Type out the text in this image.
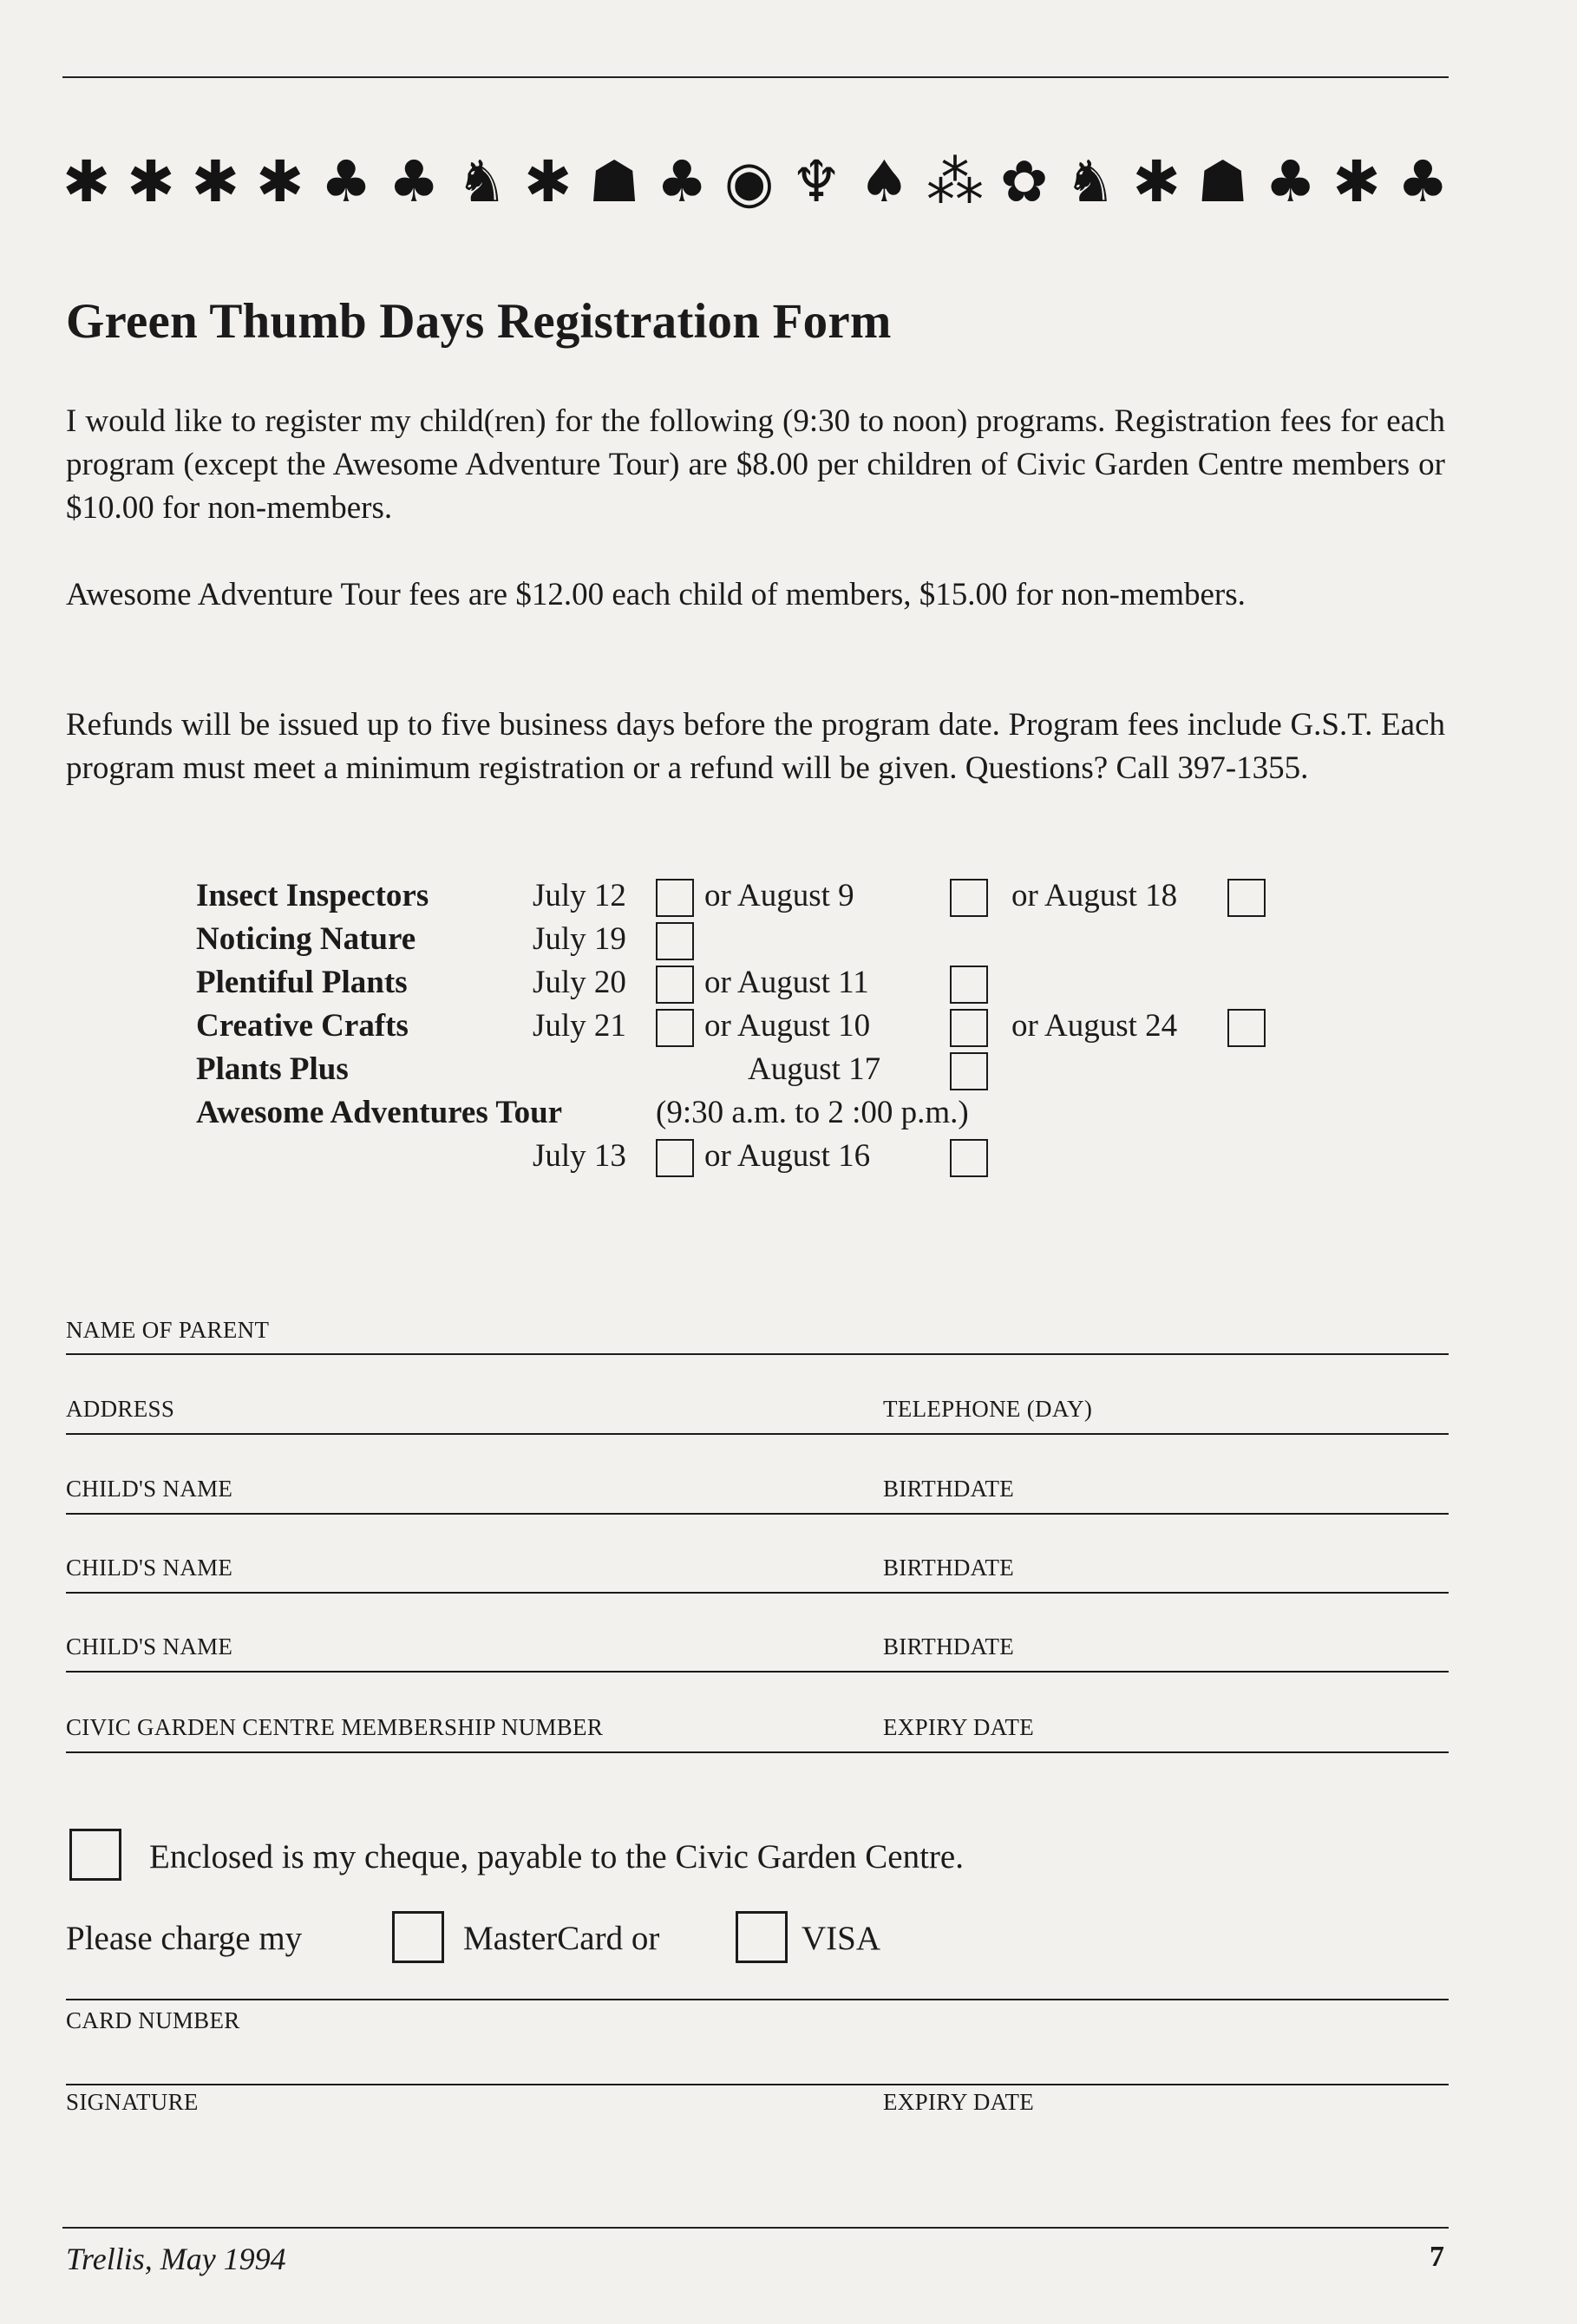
✱ ✱ ✱ ✱ ♣ ♣ ♞ ✱ ☗ ♣ ◉ ♆ ♠ ⁂ ✿ ♞ ✱ ☗ ♣ ✱ ♣
Green Thumb Days Registration Form
I would like to register my child(ren) for the following (9:30 to noon) programs. Registration fees for each program (except the Awesome Adventure Tour) are $8.00 per children of Civic Garden Centre members or $10.00 for non-members.
Awesome Adventure Tour fees are $12.00 each child of members, $15.00 for non-members.
Refunds will be issued up to five business days before the program date. Program fees include G.S.T. Each program must meet a minimum registration or a refund will be given. Questions? Call 397-1355.
Insect Inspectors	July 12 or August 9	or August 18
Noticing Nature	July 19
Plentiful Plants	July 20 or August 11
Creative Crafts	July 21 or August 10	or August 24
Plants Plus	August 17
Awesome Adventures Tour	(9:30 a.m. to 2 :00 p.m.)
July 13 or August 16
NAME OF PARENT
ADDRESS	TELEPHONE (DAY)
CHILD'S NAME	BIRTHDATE
CHILD'S NAME	BIRTHDATE
CHILD'S NAME	BIRTHDATE
CIVIC GARDEN CENTRE MEMBERSHIP NUMBER	EXPIRY DATE
Enclosed is my cheque, payable to the Civic Garden Centre.
Please charge my	MasterCard or	VISA
CARD NUMBER
SIGNATURE	EXPIRY DATE
Trellis, May 1994	7
